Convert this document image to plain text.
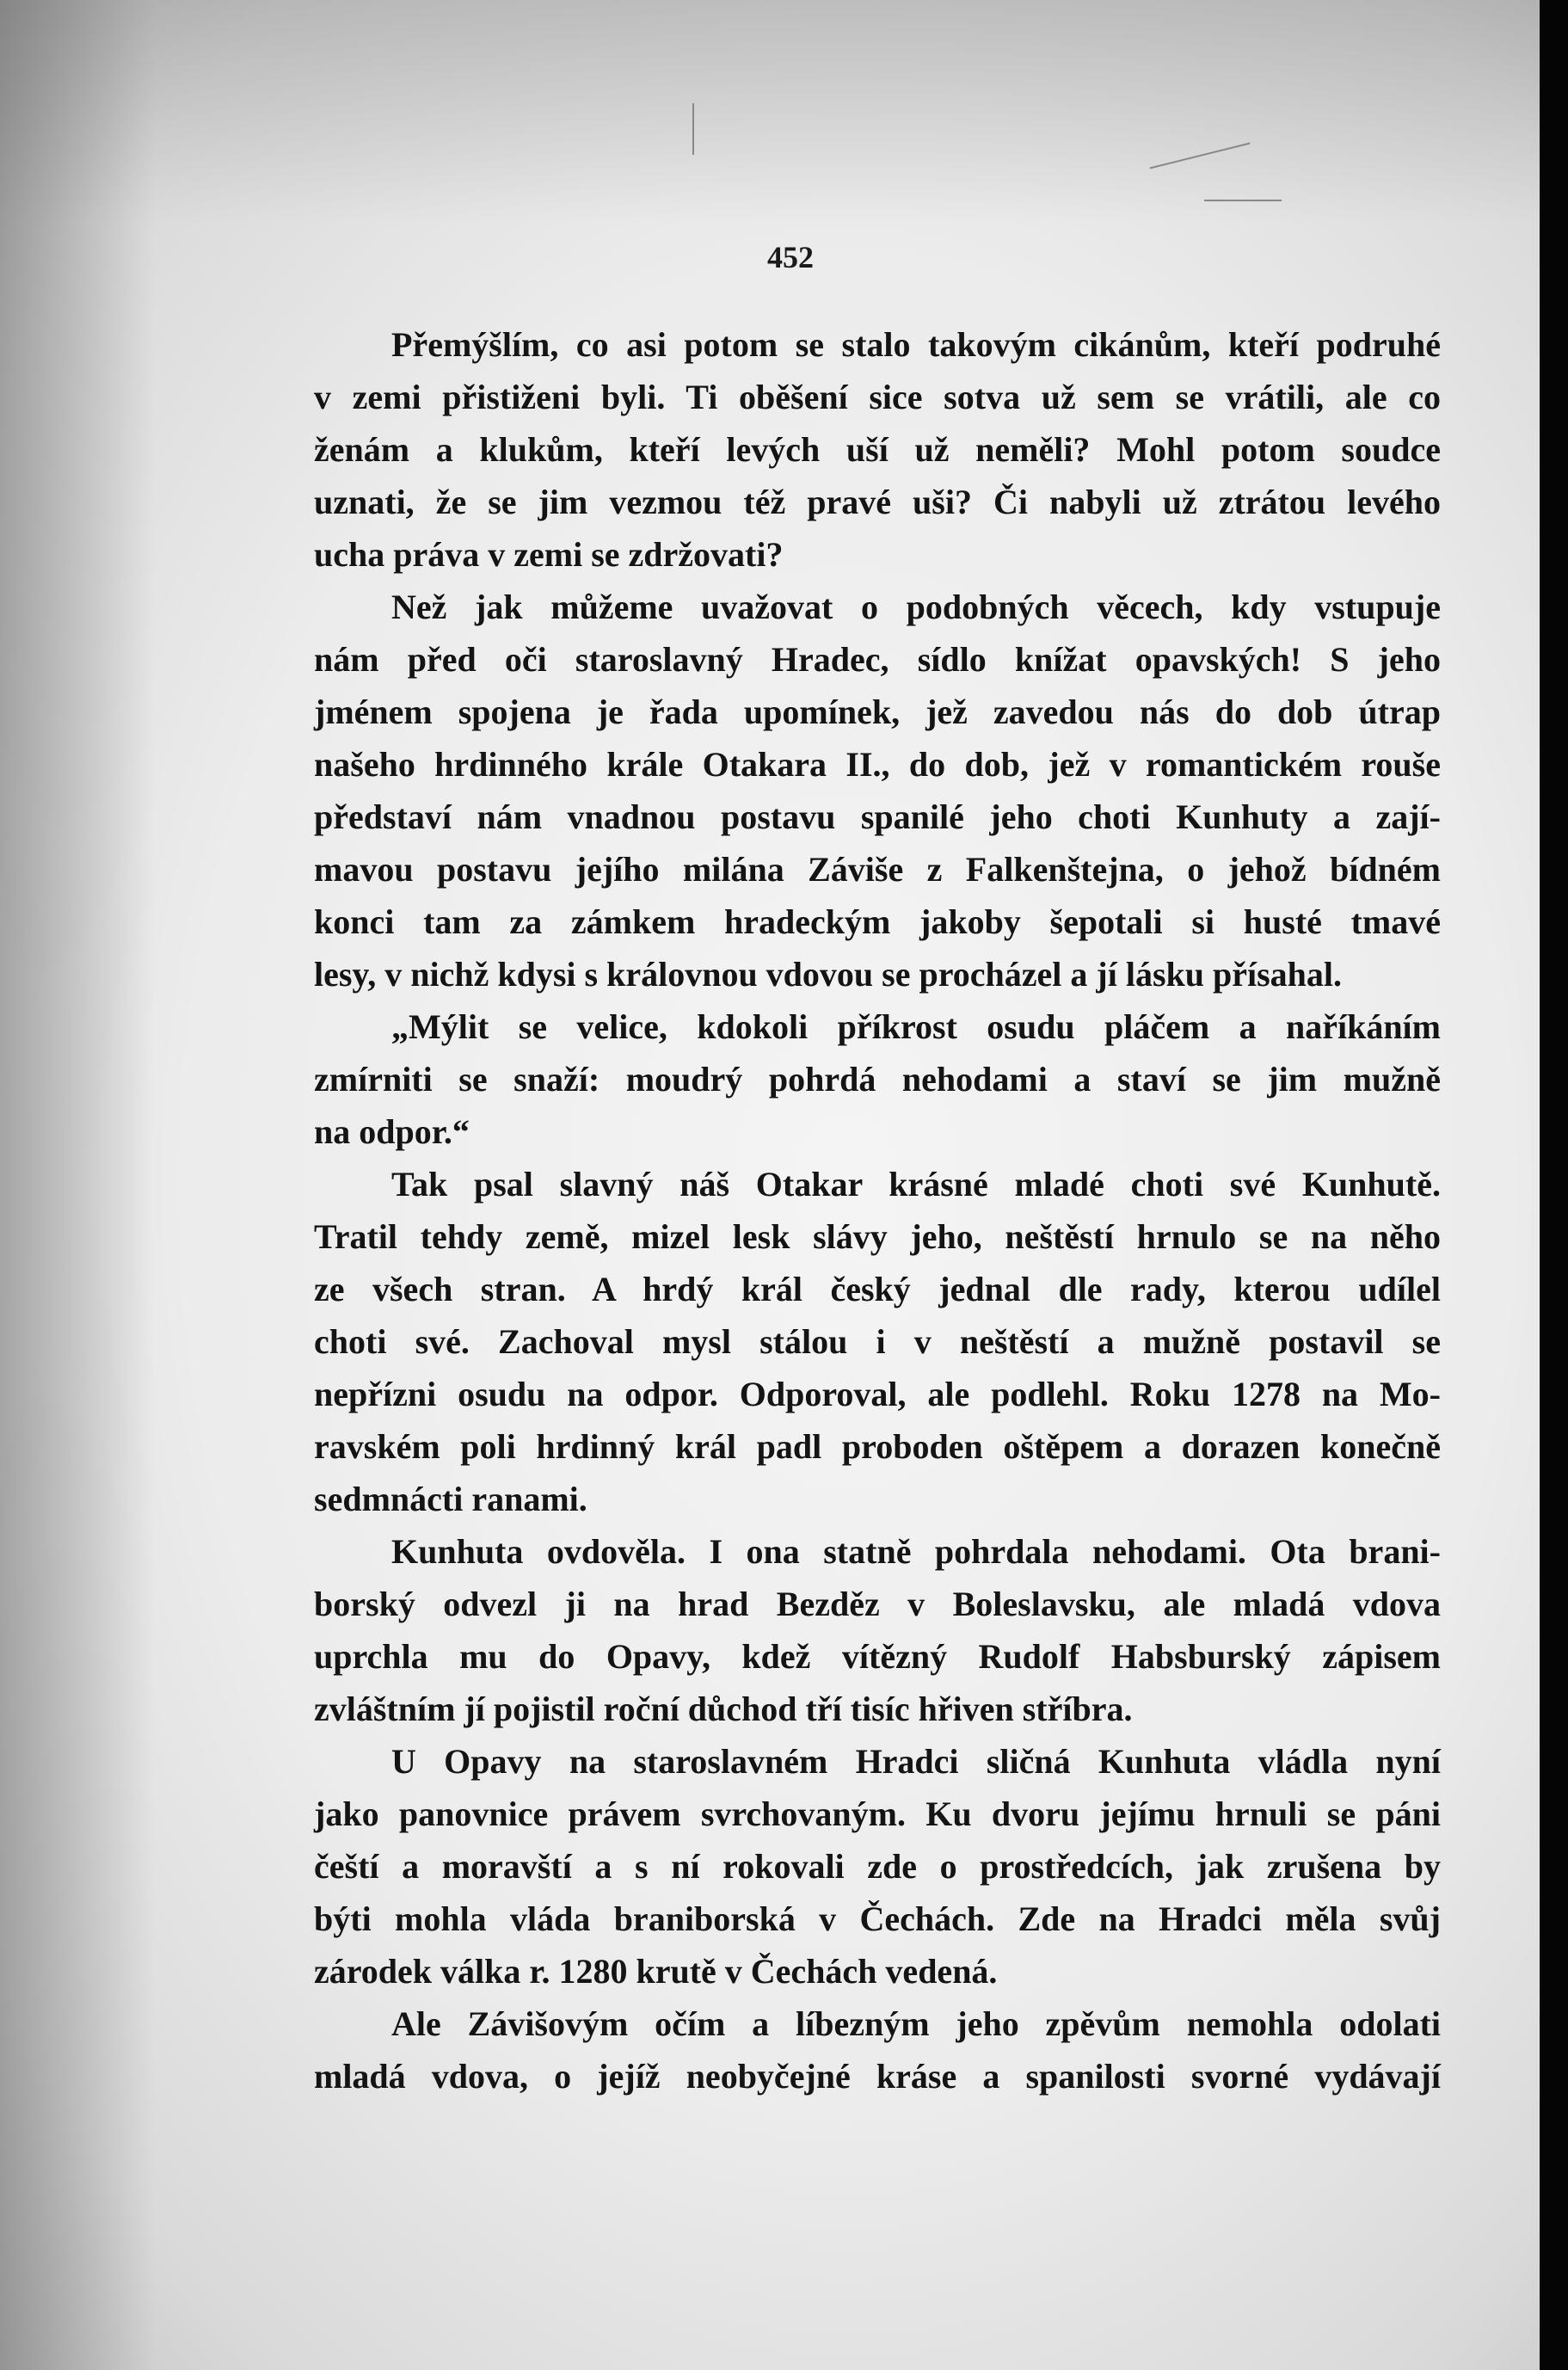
452

Přemýšlím, co asi potom se stalo takovým cikánům, kteří podruhé
v zemi přistiženi byli. Ti oběšení sice sotva už sem se vrátili, ale co
ženám a klukům, kteří levých uší už neměli? Mohl potom soudce
uznati, že se jim vezmou též pravé uši? Či nabyli už ztrátou levého
ucha práva v zemi se zdržovati?

Než jak můžeme uvažovat o podobných věcech, kdy vstupuje
nám před oči staroslavný Hradec, sídlo knížat opavských! S jeho
jménem spojena je řada upomínek, jež zavedou nás do dob útrap
našeho hrdinného krále Otakara II., do dob, jež v romantickém rouše
představí nám vnadnou postavu spanilé jeho choti Kunhuty a zají-
mavou postavu jejího milána Záviše z Falkenštejna, o jehož bídném
konci tam za zámkem hradeckým jakoby šepotali si husté tmavé
lesy, v nichž kdysi s královnou vdovou se procházel a jí lásku přísahal.

„Mýlit se velice, kdokoli příkrost osudu pláčem a naříkáním
zmírniti se snaží: moudrý pohrdá nehodami a staví se jim mužně
na odpor.“

Tak psal slavný náš Otakar krásné mladé choti své Kunhutě.
Tratil tehdy země, mizel lesk slávy jeho, neštěstí hrnulo se na něho
ze všech stran. A hrdý král český jednal dle rady, kterou udílel
choti své. Zachoval mysl stálou i v neštěstí a mužně postavil se
nepřízni osudu na odpor. Odporoval, ale podlehl. Roku 1278 na Mo-
ravském poli hrdinný král padl proboden oštěpem a dorazen konečně
sedmnácti ranami.

Kunhuta ovdověla. I ona statně pohrdala nehodami. Ota brani-
borský odvezl ji na hrad Bezděz v Boleslavsku, ale mladá vdova
uprchla mu do Opavy, kdež vítězný Rudolf Habsburský zápisem
zvláštním jí pojistil roční důchod tří tisíc hřiven stříbra.

U Opavy na staroslavném Hradci sličná Kunhuta vládla nyní
jako panovnice právem svrchovaným. Ku dvoru jejímu hrnuli se páni
čeští a moravští a s ní rokovali zde o prostředcích, jak zrušena by
býti mohla vláda braniborská v Čechách. Zde na Hradci měla svůj
zárodek válka r. 1280 krutě v Čechách vedená.

Ale Závišovým očím a líbezným jeho zpěvům nemohla odolati
mladá vdova, o jejíž neobyčejné kráse a spanilosti svorné vydávají
